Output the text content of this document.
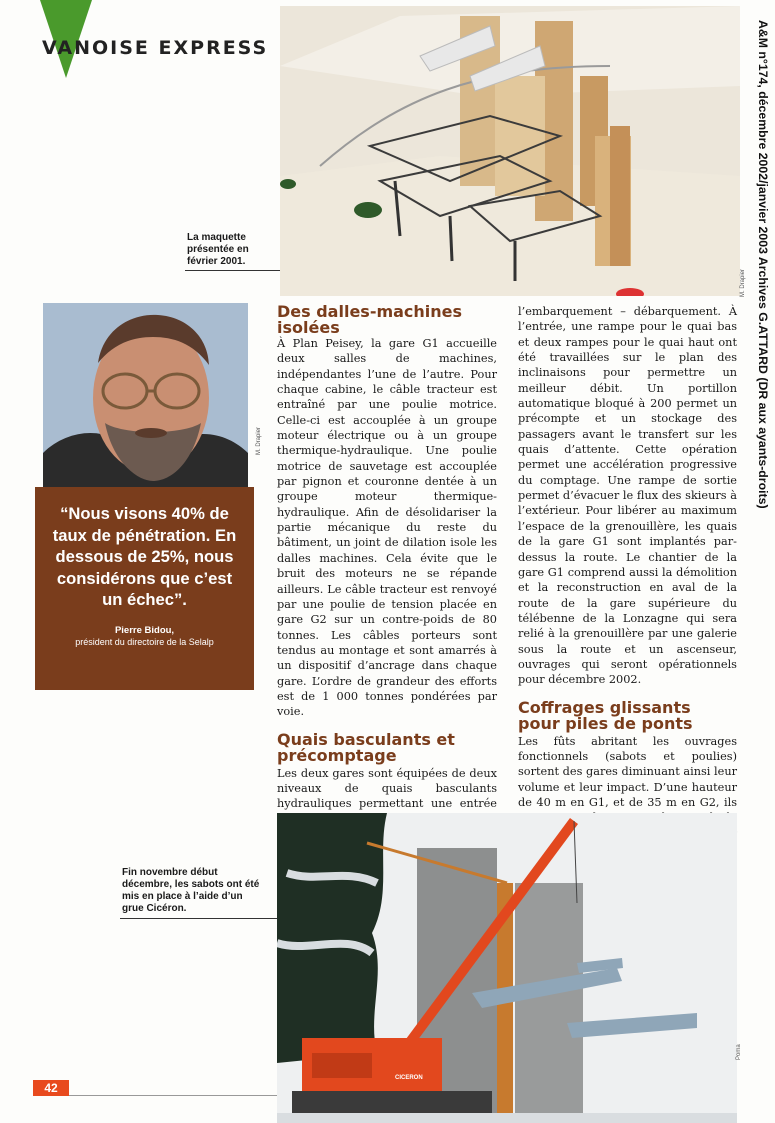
VANOISE EXPRESS	A&M n°174, décembre 2002/janvier 2003 Archives G.ATTARD (DR aux ayants-droits)
M. Drapier
La maquette présentée en février 2001.
M. Drapier
“Nous visons 40% de taux de pénétration. En dessous de 25%, nous considérons que c’est un échec”.
Pierre Bidou,
président du directoire de la Selalp
Des dalles-machines isolées

À Plan Peisey, la gare G1 accueille deux salles de machines, indépendantes l’une de l’autre. Pour chaque cabine, le câble tracteur est entraîné par une poulie motrice. Celle-ci est accouplée à un groupe moteur électrique ou à un groupe thermique-hydraulique. Une poulie motrice de sauvetage est accouplée par pignon et couronne dentée à un groupe moteur thermique-hydraulique. Afin de désolidariser la partie mécanique du reste du bâtiment, un joint de dilation isole les dalles machines. Cela évite que le bruit des moteurs ne se répande ailleurs. Le câble tracteur est renvoyé par une poulie de tension placée en gare G2 sur un contre-poids de 80 tonnes. Les câbles porteurs sont tendus au montage et sont amarrés à un dispositif d’ancrage dans chaque gare. L’ordre de grandeur des efforts est de 1 000 tonnes pondérées par voie.

Quais basculants et précomptage

Les deux gares sont équipées de deux niveaux de quais basculants hydrauliques permettant une entrée

l’embarquement – débarquement. À l’entrée, une rampe pour le quai bas et deux rampes pour le quai haut ont été travaillées sur le plan des inclinaisons pour permettre un meilleur débit. Un portillon automatique bloqué à 200 permet un précompte et un stockage des passagers avant le transfert sur les quais d’attente. Cette opération permet une accélération progressive du comptage. Une rampe de sortie permet d’évacuer le flux des skieurs à l’extérieur. Pour libérer au maximum l’espace de la grenouillère, les quais de la gare G1 sont implantés par-dessus la route. Le chantier de la gare G1 comprend aussi la démolition et la reconstruction en aval de la route de la gare supérieure du télébenne de la Lonzagne qui sera relié à la grenouillère par une galerie sous la route et un ascenseur, ouvrages qui seront opérationnels pour décembre 2002.

Coffrages glissants pour piles de ponts

Les fûts abritant les ouvrages fonctionnels (sabots et poulies) sortent des gares diminuant ainsi leur volume et leur impact. D’une hauteur de 40 m en G1, et de 35 m en G2, ils

CICERON
Poma
Fin novembre début décembre, les sabots ont été mis en place à l’aide d’un grue Cicéron.
42
